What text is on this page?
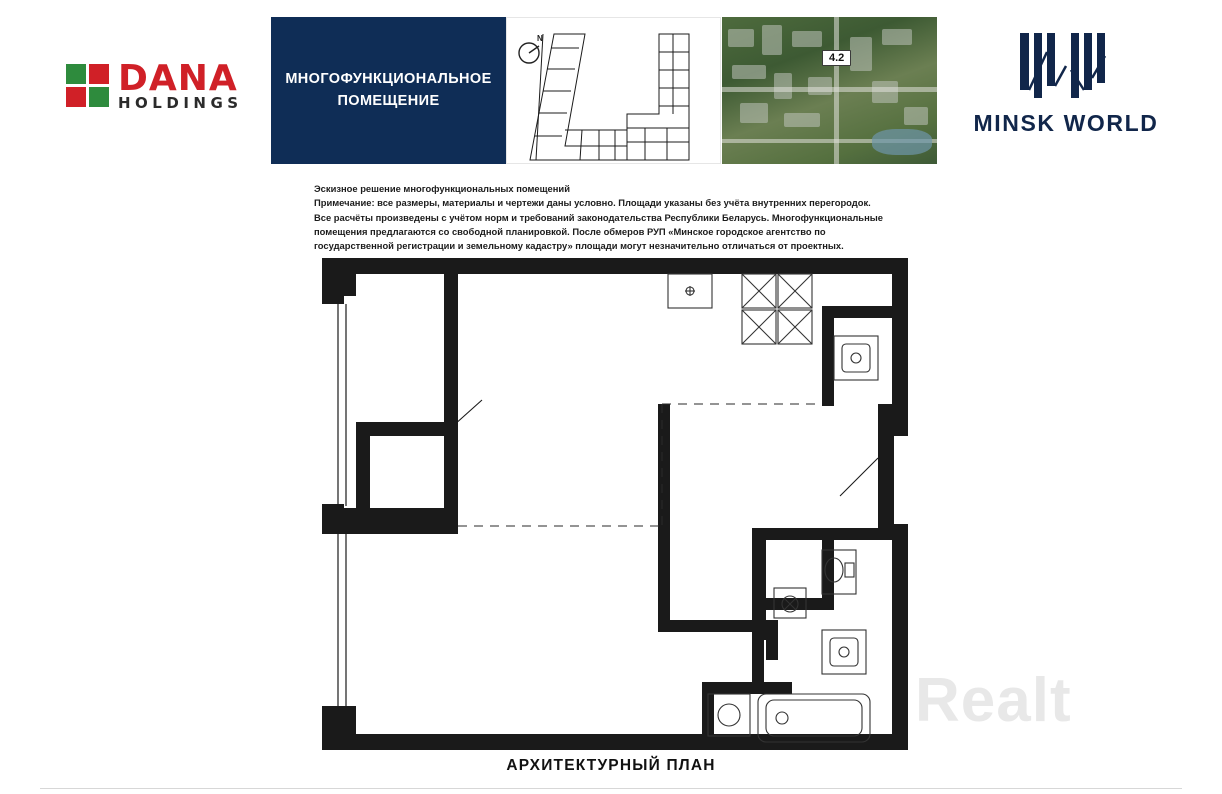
DANA
HOLDINGS
МНОГОФУНКЦИОНАЛЬНОЕ
ПОМЕЩЕНИЕ
N
4.2
MINSK WORLD

Эскизное решение многофункциональных помещений

Примечание: все размеры, материалы и чертежи даны условно. Площади указаны без учёта внутренних перегородок.

Все расчёты произведены с учётом норм и требований законодательства Республики Беларусь. Многофункциональные

помещения предлагаются со свободной планировкой. После обмеров РУП «Минское городское агентство по

государственной регистрации и земельному кадастру» площади могут незначительно отличаться от проектных.

Realt
АРХИТЕКТУРНЫЙ ПЛАН
